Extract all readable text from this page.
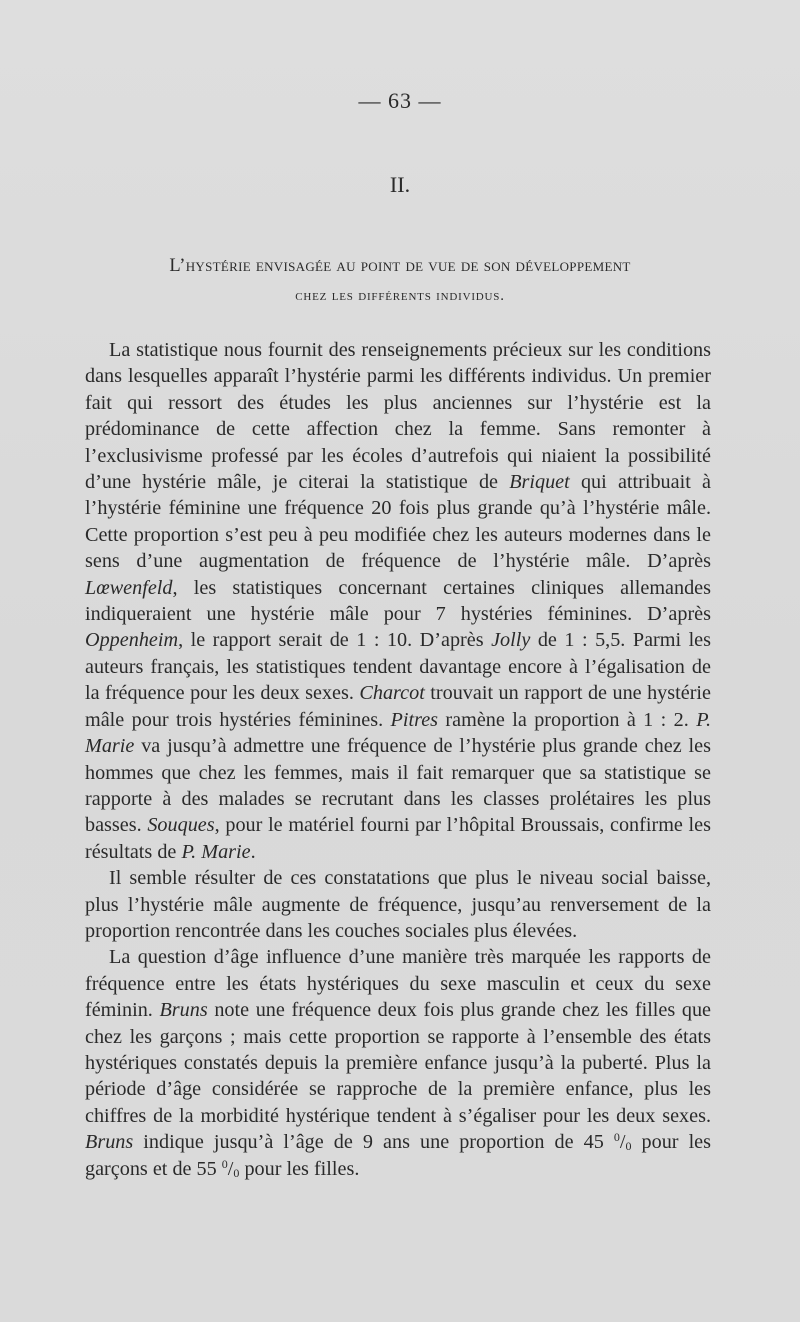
— 63 —
II.
L’hystérie envisagée au point de vue de son développement
chez les différents individus.

La statistique nous fournit des renseignements précieux sur les conditions dans lesquelles apparaît l’hystérie parmi les différents individus. Un premier fait qui ressort des études les plus anciennes sur l’hystérie est la prédominance de cette affection chez la femme. Sans remonter à l’exclusivisme professé par les écoles d’autrefois qui niaient la possibilité d’une hystérie mâle, je citerai la statistique de Briquet qui attribuait à l’hystérie féminine une fréquence 20 fois plus grande qu’à l’hystérie mâle. Cette proportion s’est peu à peu modifiée chez les auteurs modernes dans le sens d’une augmentation de fréquence de l’hystérie mâle. D’après Lœwenfeld, les statistiques concernant certaines cliniques allemandes indiqueraient une hystérie mâle pour 7 hystéries féminines. D’après Oppenheim, le rapport serait de 1 : 10. D’après Jolly de 1 : 5,5. Parmi les auteurs français, les statistiques tendent davantage encore à l’égalisation de la fréquence pour les deux sexes. Charcot trouvait un rapport de une hystérie mâle pour trois hystéries féminines. Pitres ramène la proportion à 1 : 2. P. Marie va jusqu’à admettre une fréquence de l’hystérie plus grande chez les hommes que chez les femmes, mais il fait remarquer que sa statistique se rapporte à des malades se recrutant dans les classes prolétaires les plus basses. Souques, pour le matériel fourni par l’hôpital Broussais, confirme les résultats de P. Marie.

Il semble résulter de ces constatations que plus le niveau social baisse, plus l’hystérie mâle augmente de fréquence, jusqu’au renversement de la proportion rencontrée dans les couches sociales plus élevées.

La question d’âge influence d’une manière très marquée les rapports de fréquence entre les états hystériques du sexe masculin et ceux du sexe féminin. Bruns note une fréquence deux fois plus grande chez les filles que chez les garçons ; mais cette proportion se rapporte à l’ensemble des états hystériques constatés depuis la première enfance jusqu’à la puberté. Plus la période d’âge considérée se rapproche de la première enfance, plus les chiffres de la morbidité hystérique tendent à s’égaliser pour les deux sexes. Bruns indique jusqu’à l’âge de 9 ans une proportion de 45 $^0/_0$ pour les garçons et de 55 $^0/_0$ pour les filles.
